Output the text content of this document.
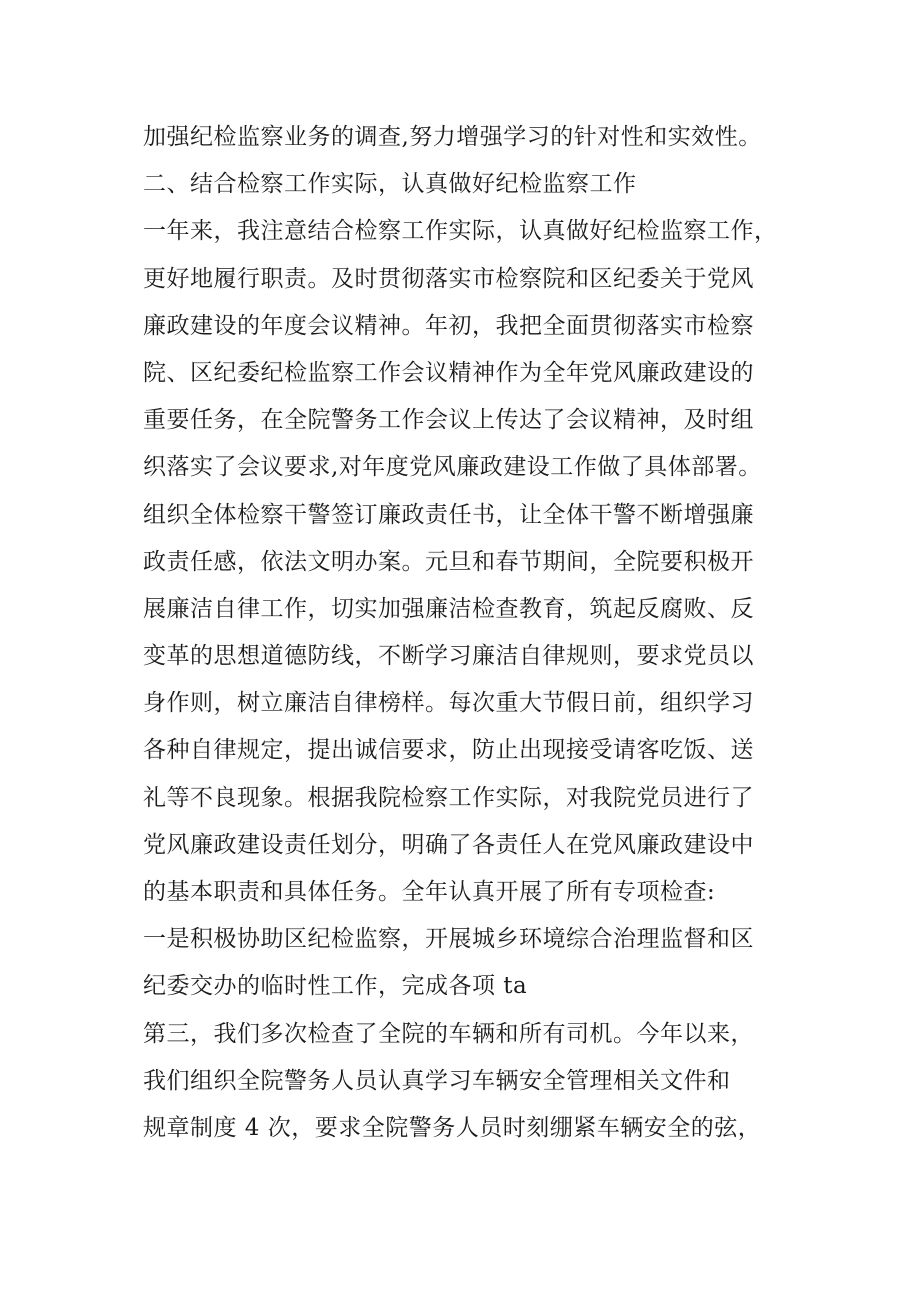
加强纪检监察业务的调查,努力增强学习的针对性和实效性。
二、结合检察工作实际，认真做好纪检监察工作
一年来，我注意结合检察工作实际，认真做好纪检监察工作，
更好地履行职责。及时贯彻落实市检察院和区纪委关于党风
廉政建设的年度会议精神。年初，我把全面贯彻落实市检察
院、区纪委纪检监察工作会议精神作为全年党风廉政建设的
重要任务，在全院警务工作会议上传达了会议精神，及时组
织落实了会议要求,对年度党风廉政建设工作做了具体部署。
组织全体检察干警签订廉政责任书，让全体干警不断增强廉
政责任感，依法文明办案。元旦和春节期间，全院要积极开
展廉洁自律工作，切实加强廉洁检查教育，筑起反腐败、反
变革的思想道德防线，不断学习廉洁自律规则，要求党员以
身作则，树立廉洁自律榜样。每次重大节假日前，组织学习
各种自律规定，提出诚信要求，防止出现接受请客吃饭、送
礼等不良现象。根据我院检察工作实际，对我院党员进行了
党风廉政建设责任划分，明确了各责任人在党风廉政建设中
的基本职责和具体任务。全年认真开展了所有专项检查:
一是积极协助区纪检监察，开展城乡环境综合治理监督和区
纪委交办的临时性工作，完成各项 ta
第三，我们多次检查了全院的车辆和所有司机。今年以来，
我们组织全院警务人员认真学习车辆安全管理相关文件和
规章制度 4 次，要求全院警务人员时刻绷紧车辆安全的弦，
